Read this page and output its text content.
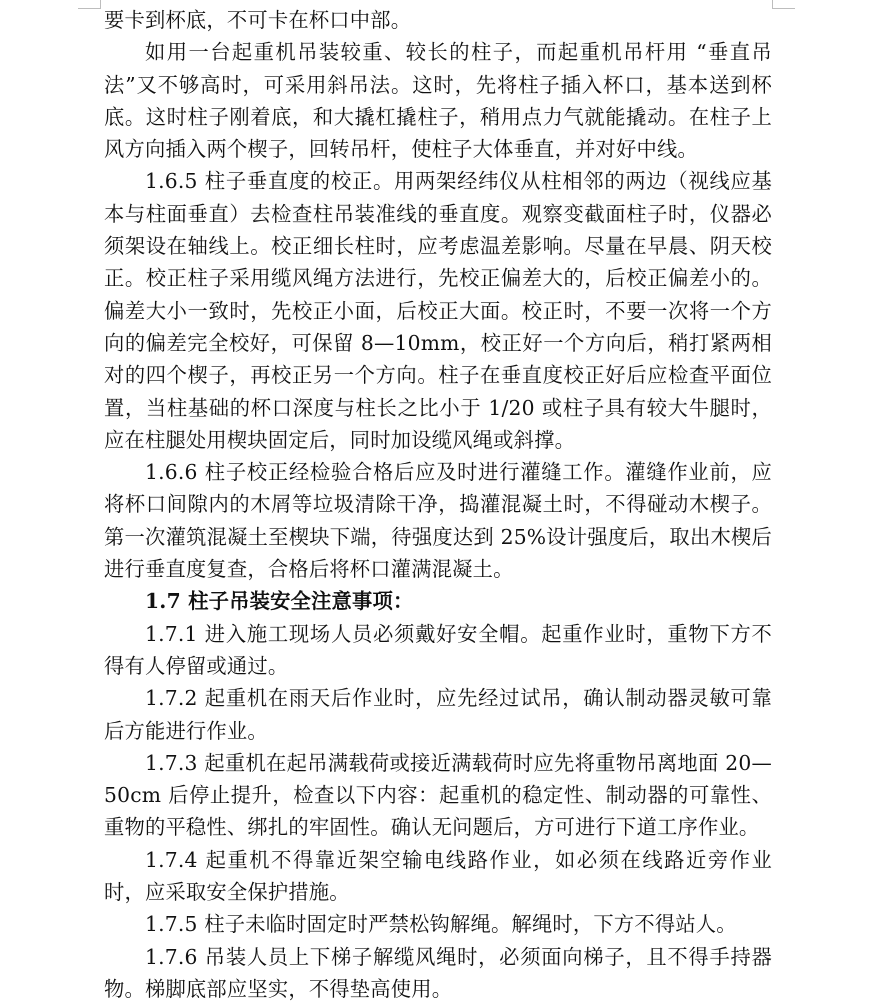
要卡到杯底，不可卡在杯口中部。

如用一台起重机吊装较重、较长的柱子，而起重机吊杆用 “垂直吊法”又不够高时，可采用斜吊法。这时，先将柱子插入杯口，基本送到杯底。这时柱子刚着底，和大撬杠撬柱子，稍用点力气就能撬动。在柱子上风方向插入两个楔子，回转吊杆，使柱子大体垂直，并对好中线。

1.6.5 柱子垂直度的校正。用两架经纬仪从柱相邻的两边（视线应基本与柱面垂直）去检查柱吊装准线的垂直度。观察变截面柱子时，仪器必须架设在轴线上。校正细长柱时，应考虑温差影响。尽量在早晨、阴天校正。校正柱子采用缆风绳方法进行，先校正偏差大的，后校正偏差小的。偏差大小一致时，先校正小面，后校正大面。校正时，不要一次将一个方向的偏差完全校好，可保留 8—10mm，校正好一个方向后，稍打紧两相对的四个楔子，再校正另一个方向。柱子在垂直度校正好后应检查平面位置，当柱基础的杯口深度与柱长之比小于 1/20 或柱子具有较大牛腿时，应在柱腿处用楔块固定后，同时加设缆风绳或斜撑。

1.6.6 柱子校正经检验合格后应及时进行灌缝工作。灌缝作业前，应将杯口间隙内的木屑等垃圾清除干净，捣灌混凝土时，不得碰动木楔子。第一次灌筑混凝土至楔块下端，待强度达到 25%设计强度后，取出木楔后进行垂直度复查，合格后将杯口灌满混凝土。

1.7 柱子吊装安全注意事项：

1.7.1 进入施工现场人员必须戴好安全帽。起重作业时，重物下方不得有人停留或通过。

1.7.2 起重机在雨天后作业时，应先经过试吊，确认制动器灵敏可靠后方能进行作业。

1.7.3 起重机在起吊满载荷或接近满载荷时应先将重物吊离地面 20—50cm 后停止提升，检查以下内容：起重机的稳定性、制动器的可靠性、重物的平稳性、绑扎的牢固性。确认无问题后，方可进行下道工序作业。

1.7.4 起重机不得靠近架空输电线路作业，如必须在线路近旁作业时，应采取安全保护措施。

1.7.5 柱子未临时固定时严禁松钩解绳。解绳时，下方不得站人。

1.7.6 吊装人员上下梯子解缆风绳时，必须面向梯子，且不得手持器物。梯脚底部应坚实，不得垫高使用。
